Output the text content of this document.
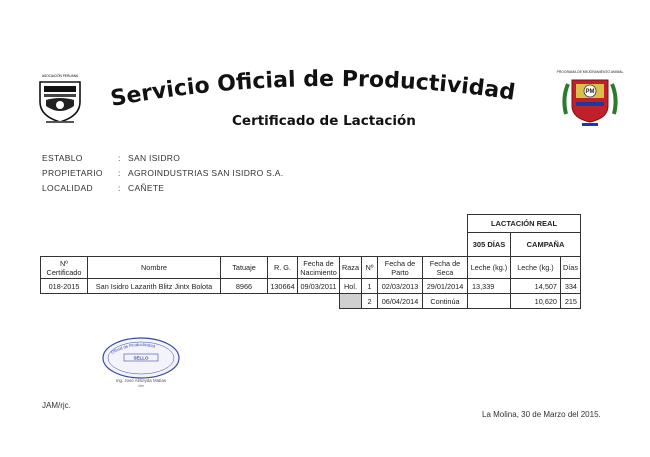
ASOCIACIÓN PERUANA
Servicio Oficial de Productividad Lechera
Certificado de Lactación
PROGRAMA DE MEJORAMIENTO ANIMAL
PM
ESTABLO	: SAN ISIDRO
PROPIETARIO : AGROINDUSTRIAS SAN ISIDRO S.A.
LOCALIDAD	: CAÑETE
									LACTACIÓN REAL		
									305 DÍAS	CAMPAÑA	
Nº Certificado	Nombre	Tatuaje	R. G.	Fecha de Nacimiento	Raza	Nº	Fecha de Parto	Fecha de Seca	Leche (kg.)	Leche (kg.)	Días
018-2015	San Isidro Lazarith Blitz Jintx Bolota	8966	130664	09/03/2011	Hol.	1	02/03/2013	29/01/2014	13,339	14,507	334
						2	06/04/2014	Continúa		10,620	215
Oficial de Productividad
SELLO
Ing. José Almeyda Matías
Jefe
JAM/rjc.
La Molina, 30 de Marzo del 2015.
